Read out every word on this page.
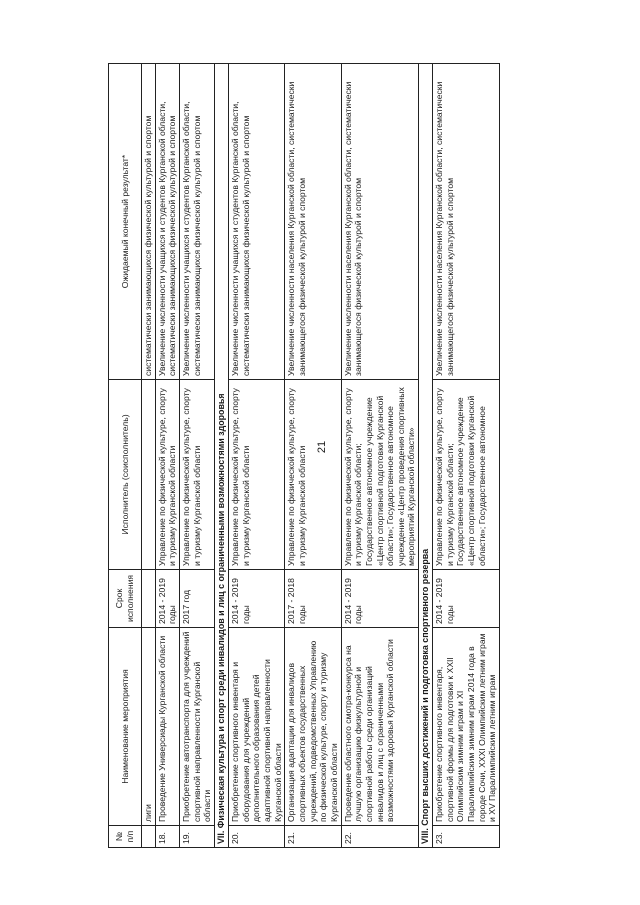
21
№ п/п	Наименование мероприятия	Срок исполнения	Исполнитель (соисполнитель)	Ожидаемый конечный результат*
	лиги			систематически занимающихся физической культурой и спортом
18.	Проведение Универсиады Курганской области	2014 - 2019 годы	Управление по физической культуре, спорту и туризму Курганской области	Увеличение численности учащихся и студентов Курганской области, систематически занимающихся физической культурой и спортом
19.	Приобретение автотранспорта для учреждений спортивной направленности Курганской области	2017 год	Управление по физической культуре, спорту и туризму Курганской области	Увеличение численности учащихся и студентов Курганской области, систематически занимающихся физической культурой и спортом
VII. Физическая культура и спорт среди инвалидов и лиц с ограниченными возможностями здоровья				
20.	Приобретение спортивного инвентаря и оборудования для учреждений дополнительного образования детей адаптивной спортивной направленности Курганской области	2014 - 2019 годы	Управление по физической культуре, спорту и туризму Курганской области	Увеличение численности учащихся и студентов Курганской области, систематически занимающихся физической культурой и спортом
21.	Организация адаптации для инвалидов спортивных объектов государственных учреждений, подведомственных Управлению по физической культуре, спорту и туризму Курганской области	2017 - 2018 годы	Управление по физической культуре, спорту и туризму Курганской области	Увеличение численности населения Курганской области, систематически занимающегося физической культурой и спортом
22.	Проведение областного смотра-конкурса на лучшую организацию физкультурной и спортивной работы среди организаций инвалидов и лиц с ограниченными возможностями здоровья Курганской области	2014 - 2019 годы	Управление по физической культуре, спорту и туризму Курганской области; Государственное автономное учреждение «Центр спортивной подготовки Курганской области»; Государственное автономное учреждение «Центр проведения спортивных мероприятий Курганской области»	Увеличение численности населения Курганской области, систематически занимающегося физической культурой и спортом
VIII. Спорт высших достижений и подготовка спортивного резерва				
23.	Приобретение спортивного инвентаря, спортивной формы для подготовки к XXII Олимпийским зимним играм и XI Паралимпийским зимним играм 2014 года в городе Сочи, XXXI Олимпийским летним играм и XV Паралимпийским летним играм	2014 - 2019 годы	Управление по физической культуре, спорту и туризму Курганской области; Государственное автономное учреждение «Центр спортивной подготовки Курганской области»; Государственное автономное	Увеличение численности населения Курганской области, систематически занимающегося физической культурой и спортом
